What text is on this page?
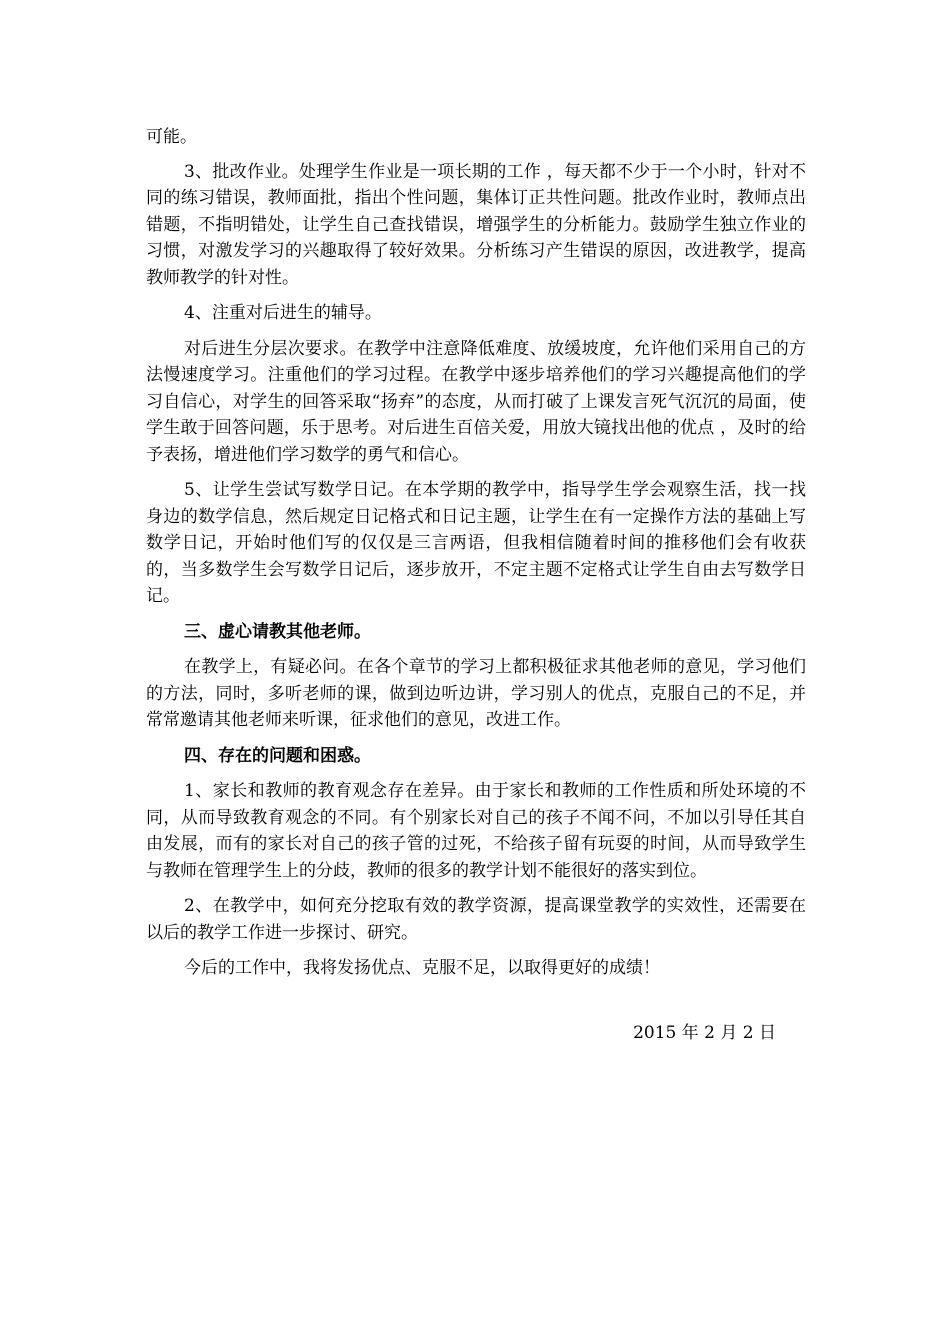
可能。

3、批改作业。处理学生作业是一项长期的工作 ，每天都不少于一个小时，针对不同的练习错误，教师面批，指出个性问题，集体订正共性问题。批改作业时，教师点出错题，不指明错处，让学生自己查找错误，增强学生的分析能力。鼓励学生独立作业的习惯，对激发学习的兴趣取得了较好效果。分析练习产生错误的原因，改进教学，提高教师教学的针对性。

4、注重对后进生的辅导。

对后进生分层次要求。在教学中注意降低难度、放缓坡度，允许他们采用自己的方法慢速度学习。注重他们的学习过程。在教学中逐步培养他们的学习兴趣提高他们的学习自信心，对学生的回答采取“扬弃”的态度，从而打破了上课发言死气沉沉的局面，使学生敢于回答问题，乐于思考。对后进生百倍关爱，用放大镜找出他的优点 ，及时的给予表扬，增进他们学习数学的勇气和信心。

5、让学生尝试写数学日记。在本学期的教学中，指导学生学会观察生活，找一找身边的数学信息，然后规定日记格式和日记主题，让学生在有一定操作方法的基础上写数学日记，开始时他们写的仅仅是三言两语，但我相信随着时间的推移他们会有收获的，当多数学生会写数学日记后，逐步放开，不定主题不定格式让学生自由去写数学日记。

三、虚心请教其他老师。

在教学上，有疑必问。在各个章节的学习上都积极征求其他老师的意见，学习他们的方法，同时，多听老师的课，做到边听边讲，学习别人的优点，克服自己的不足，并常常邀请其他老师来听课，征求他们的意见，改进工作。

四、存在的问题和困惑。

1、家长和教师的教育观念存在差异。由于家长和教师的工作性质和所处环境的不同，从而导致教育观念的不同。有个别家长对自己的孩子不闻不问，不加以引导任其自由发展，而有的家长对自己的孩子管的过死，不给孩子留有玩耍的时间，从而导致学生与教师在管理学生上的分歧，教师的很多的教学计划不能很好的落实到位。

2、在教学中，如何充分挖取有效的教学资源，提高课堂教学的实效性，还需要在以后的教学工作进一步探讨、研究。

今后的工作中，我将发扬优点、克服不足，以取得更好的成绩！

2015 年 2 月 2 日
